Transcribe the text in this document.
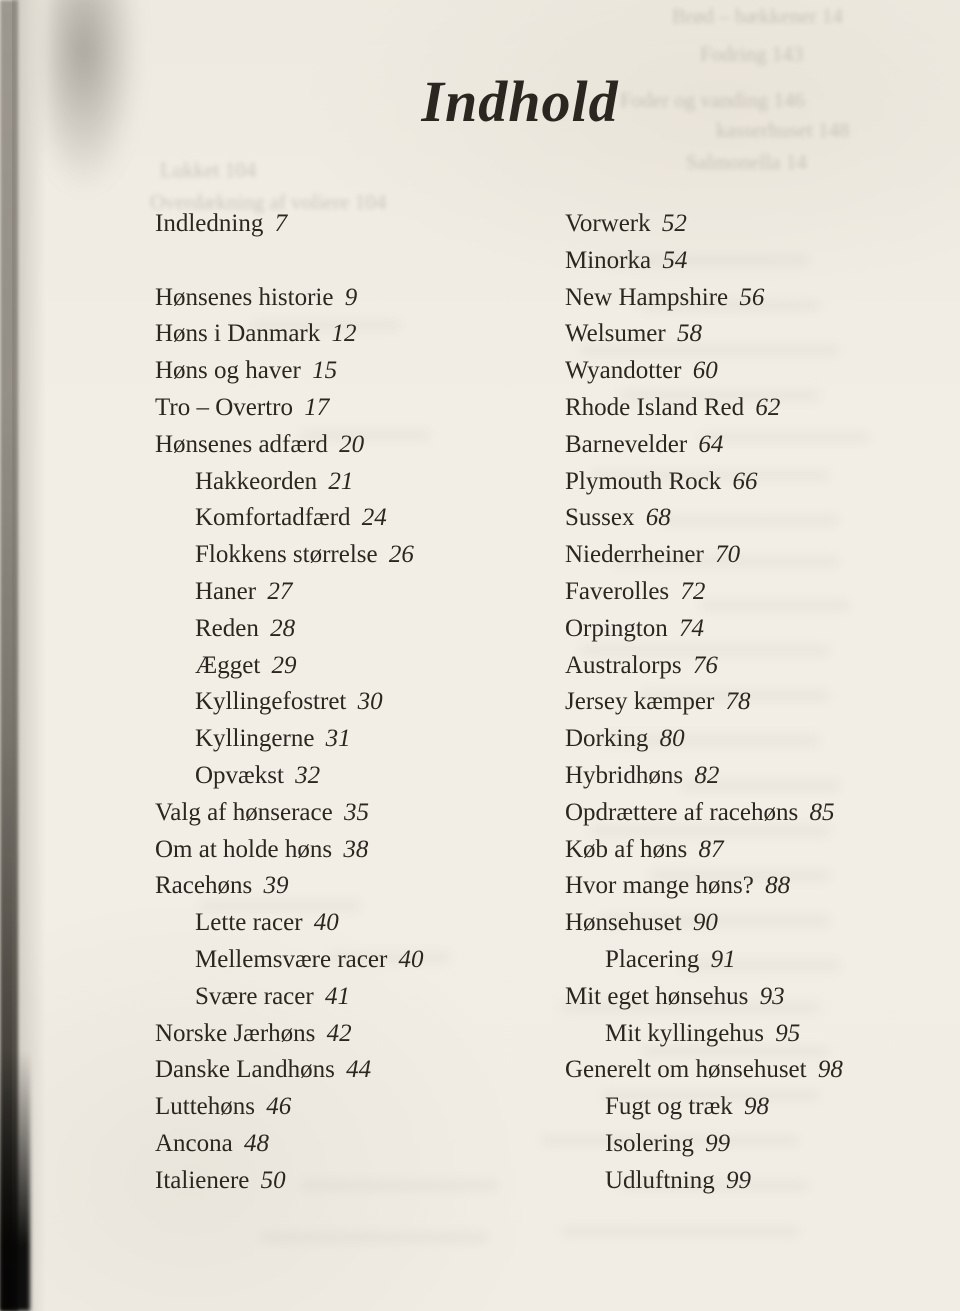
Brød – bækkener 14
Fodring 143
Foder og vanding 146
kasserhuset 148
Salmonella 14
Lukket 104
Overdækning af voliere 104
Indhold
Indledning 7
Hønsenes historie 9
Høns i Danmark 12
Høns og haver 15
Tro – Overtro 17
Hønsenes adfærd 20
Hakkeorden 21
Komfortadfærd 24
Flokkens størrelse 26
Haner 27
Reden 28
Ægget 29
Kyllingefostret 30
Kyllingerne 31
Opvækst 32
Valg af hønserace 35
Om at holde høns 38
Racehøns 39
Lette racer 40
Mellemsvære racer 40
Svære racer 41
Norske Jærhøns 42
Danske Landhøns 44
Luttehøns 46
Ancona 48
Italienere 50
Vorwerk 52
Minorka 54
New Hampshire 56
Welsumer 58
Wyandotter 60
Rhode Island Red 62
Barnevelder 64
Plymouth Rock 66
Sussex 68
Niederrheiner 70
Faverolles 72
Orpington 74
Australorps 76
Jersey kæmper 78
Dorking 80
Hybridhøns 82
Opdrættere af racehøns 85
Køb af høns 87
Hvor mange høns? 88
Hønsehuset 90
Placering 91
Mit eget hønsehus 93
Mit kyllingehus 95
Generelt om hønsehuset 98
Fugt og træk 98
Isolering 99
Udluftning 99
